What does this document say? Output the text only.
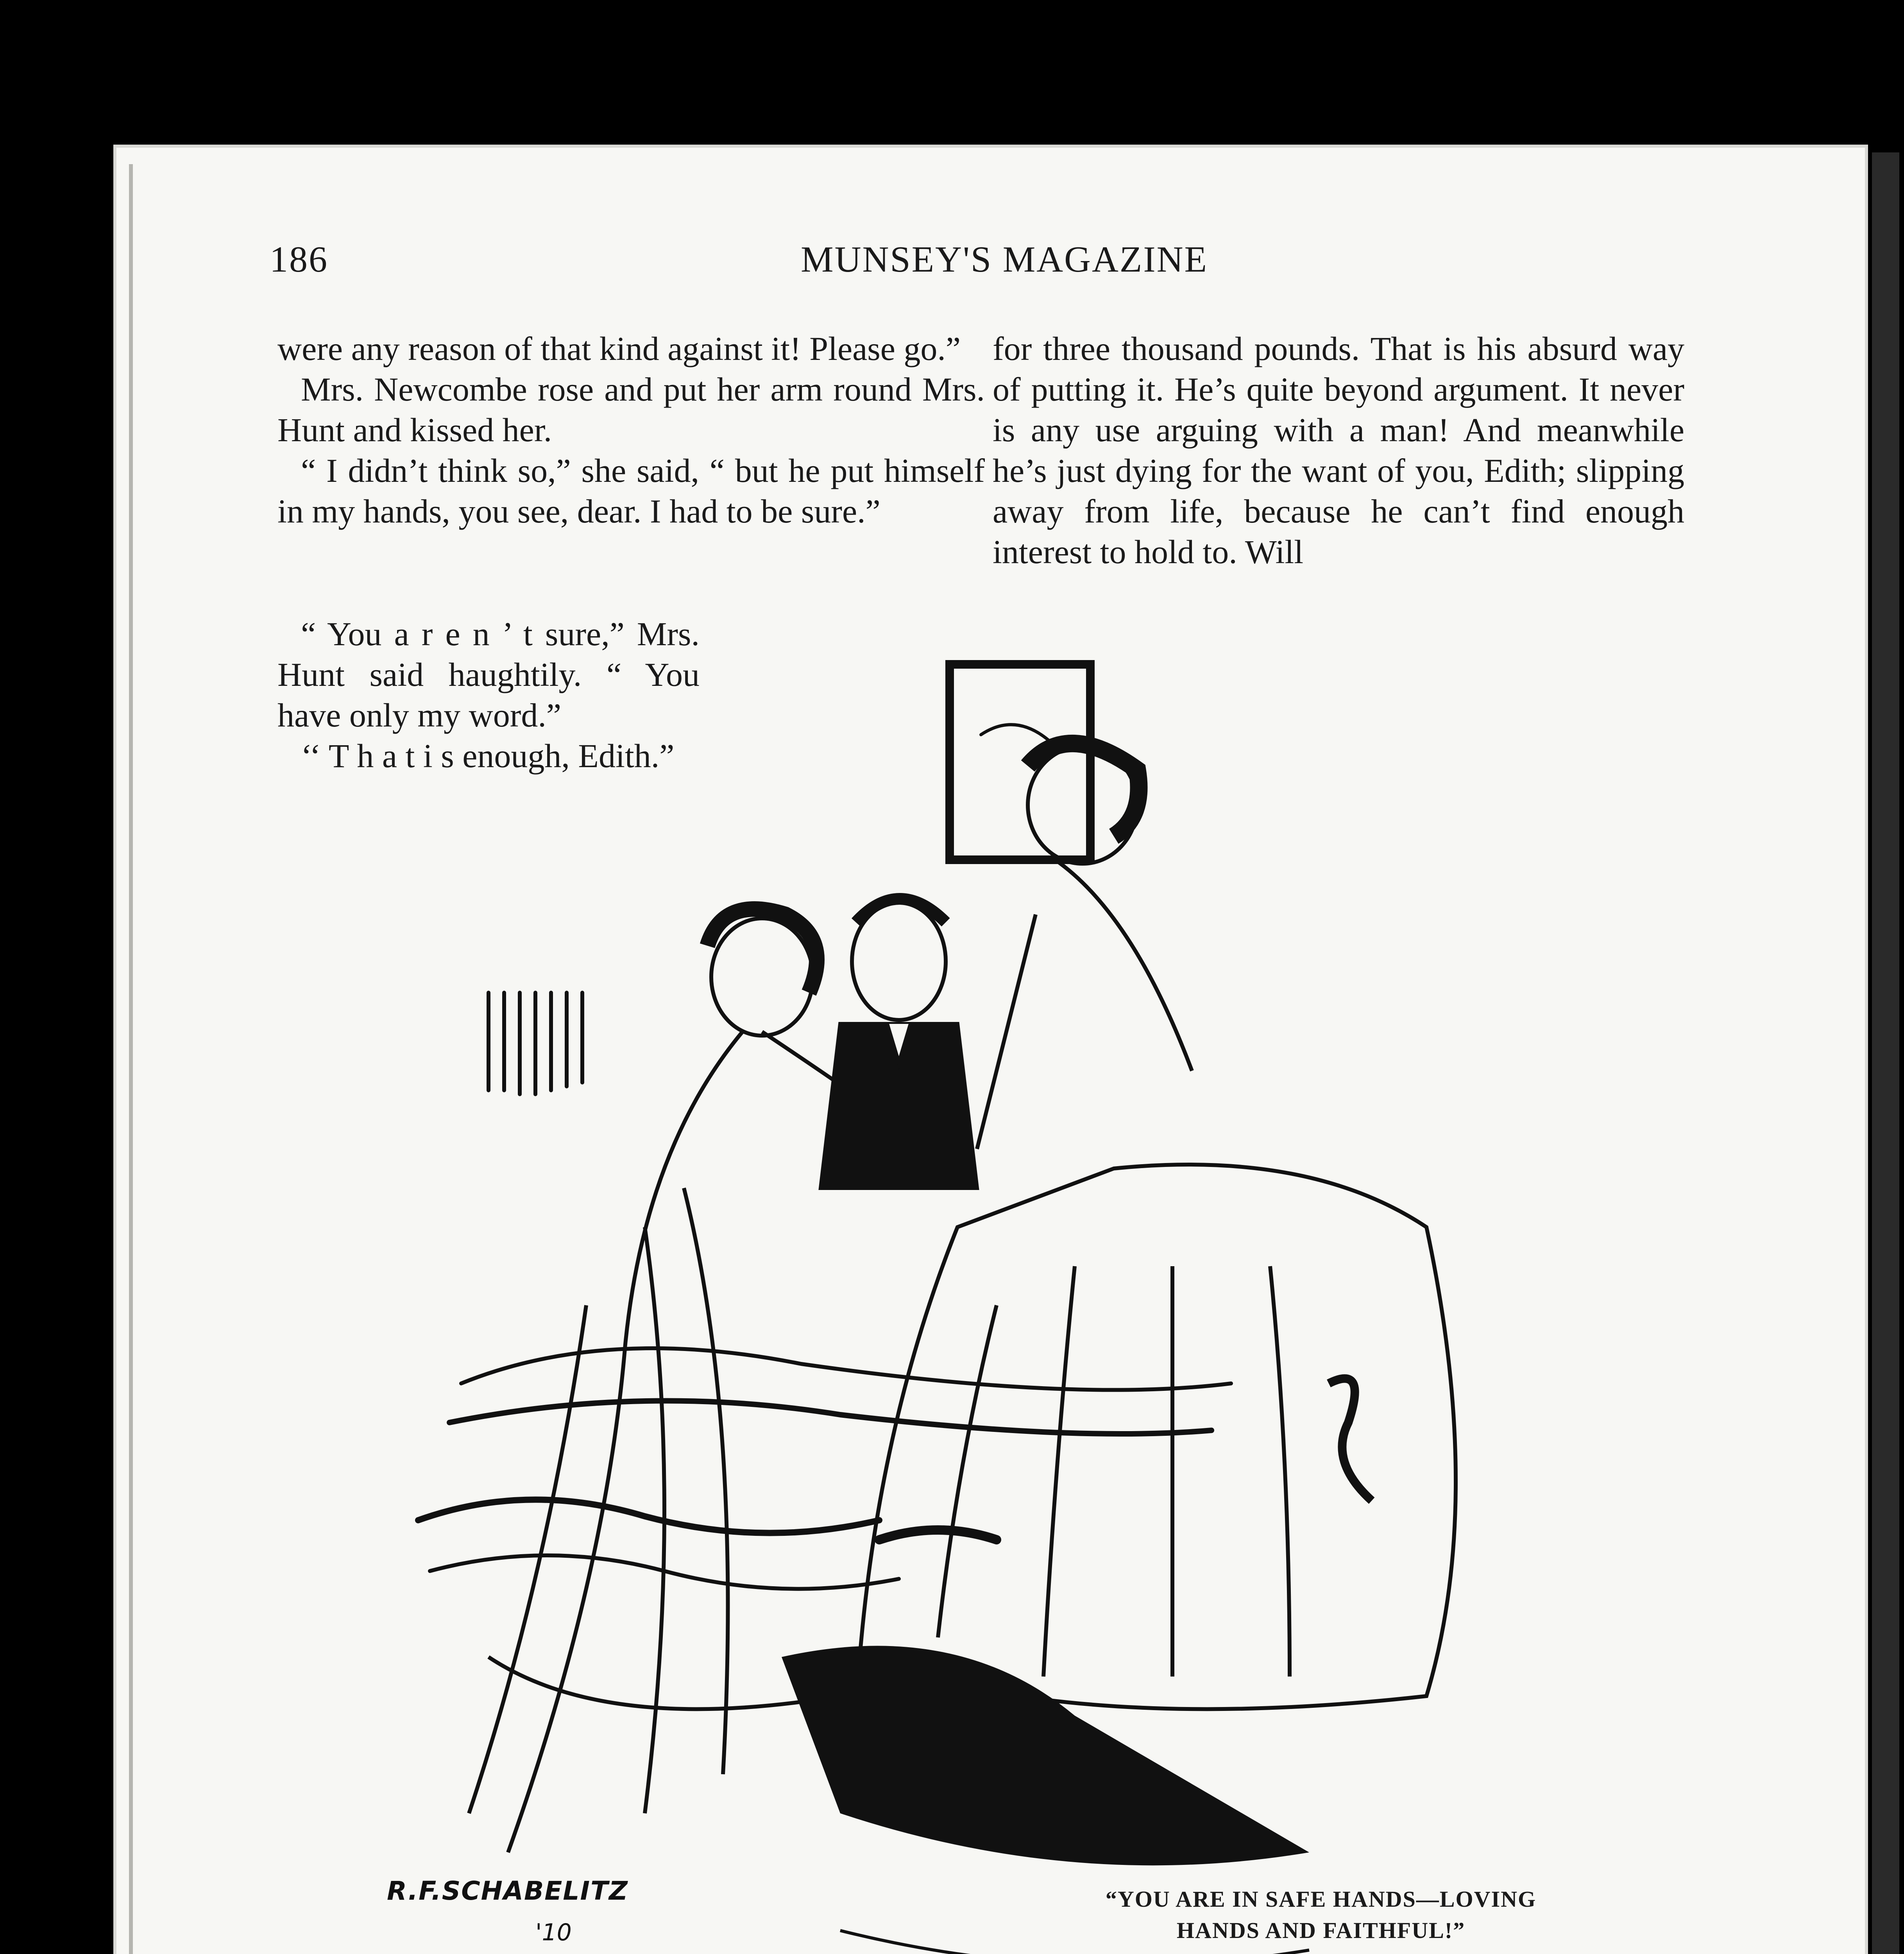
186	MUNSEY'S MAGAZINE

were any reason of that kind against it! Please go.”

Mrs. Newcombe rose and put her arm round Mrs. Hunt and kissed her.

“ I didn’t think so,” she said, “ but he put himself in my hands, you see, dear. I had to be sure.”

“ You a r e n ’ t sure,” Mrs. Hunt said haughtily. “ You have only my word.”

‘‘ T h a t i s enough, Edith.”

for three thousand pounds. That is his absurd way of putting it. He’s quite beyond argument. It never is any use arguing with a man! And meanwhile he’s just dying for the want of you, Edith; slipping away from life, because he can’t find enough interest to hold to. Will

R.F.SCHABELITZ
'10
“YOU ARE IN SAFE HANDS—LOVING
HANDS AND FAITHFUL!”
